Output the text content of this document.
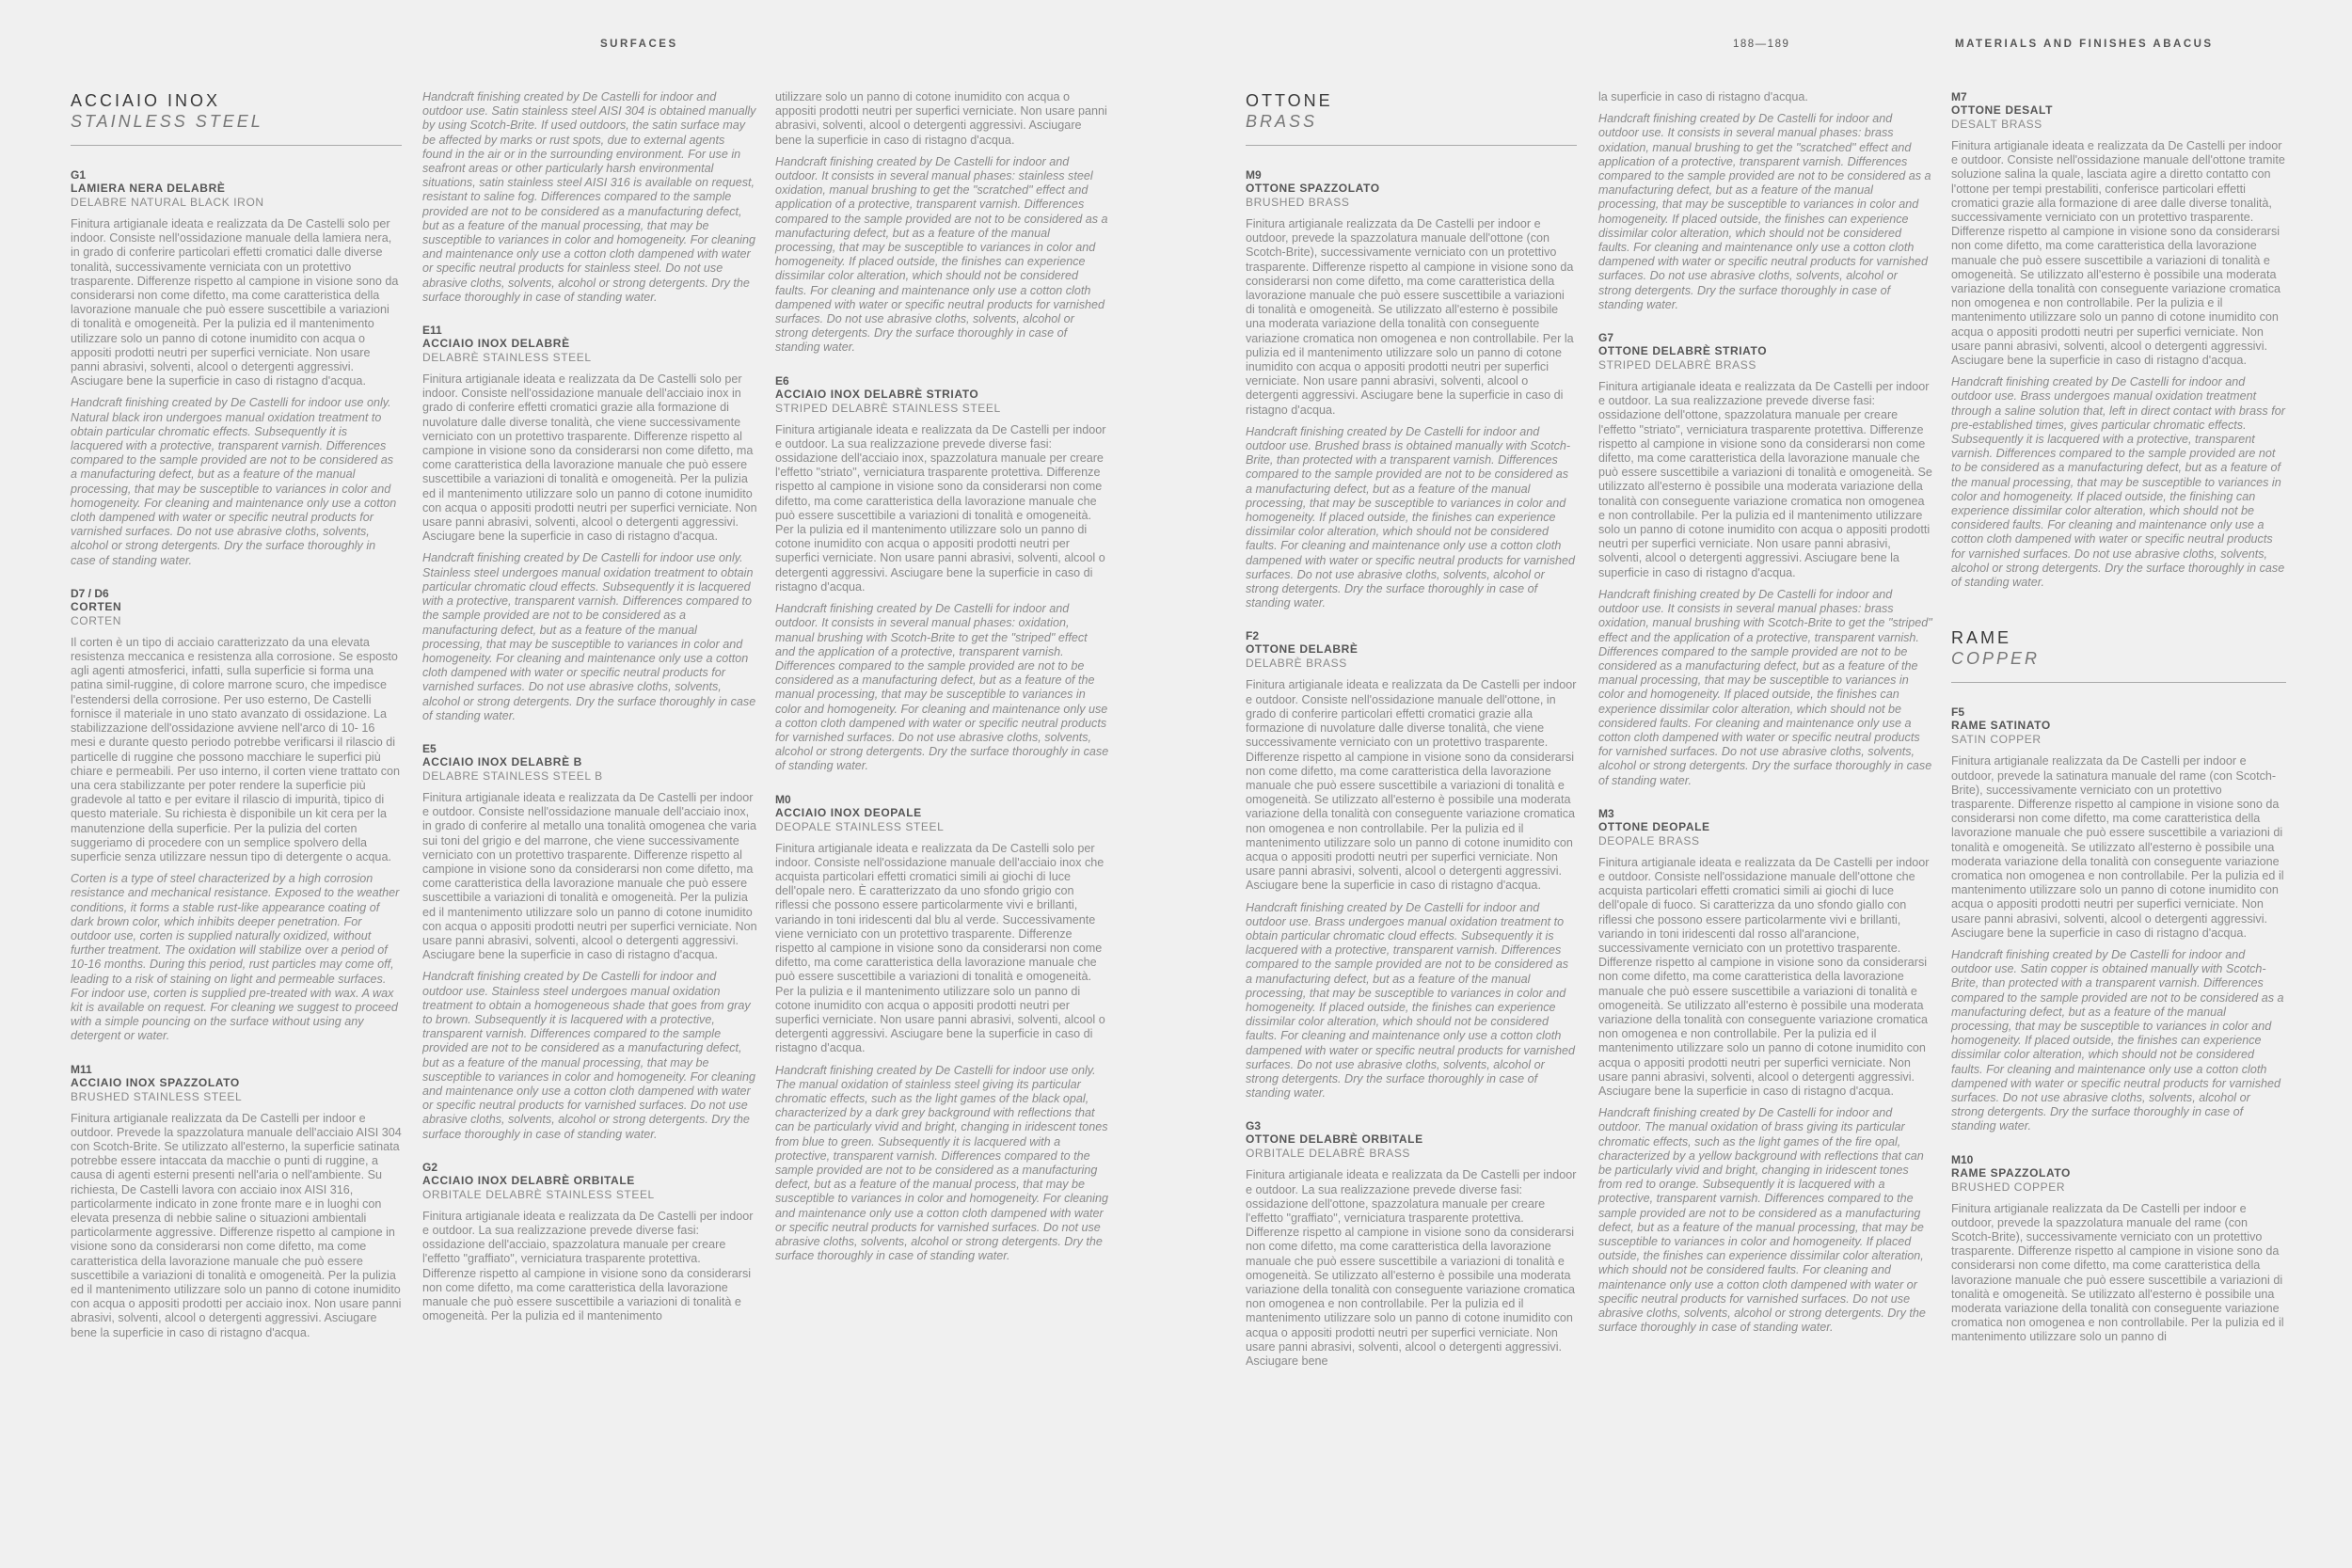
SURFACES	188—189	MATERIALS AND FINISHES ABACUS
ACCIAIO INOX
STAINLESS STEEL
G1
LAMIERA NERA DELABRÈ
DELABRE NATURAL BLACK IRON

Finitura artigianale ideata e realizzata da De Castelli solo per indoor. Consiste nell'ossidazione manuale della lamiera nera, in grado di conferire particolari effetti cromatici dalle diverse tonalità, successivamente verniciata con un protettivo trasparente. Differenze rispetto al campione in visione sono da considerarsi non come difetto, ma come caratteristica della lavorazione manuale che può essere suscettibile a variazioni di tonalità e omogeneità. Per la pulizia ed il mantenimento utilizzare solo un panno di cotone inumidito con acqua o appositi prodotti neutri per superfici verniciate. Non usare panni abrasivi, solventi, alcool o detergenti aggressivi. Asciugare bene la superficie in caso di ristagno d'acqua.

Handcraft finishing created by De Castelli for indoor use only. Natural black iron undergoes manual oxidation treatment to obtain particular chromatic effects. Subsequently it is lacquered with a protective, transparent varnish. Differences compared to the sample provided are not to be considered as a manufacturing defect, but as a feature of the manual processing, that may be susceptible to variances in color and homogeneity. For cleaning and maintenance only use a cotton cloth dampened with water or specific neutral products for varnished surfaces. Do not use abrasive cloths, solvents, alcohol or strong detergents. Dry the surface thoroughly in case of standing water.

D7 / D6
CORTEN
CORTEN

Il corten è un tipo di acciaio caratterizzato da una elevata resistenza meccanica e resistenza alla corrosione. Se esposto agli agenti atmosferici, infatti, sulla superficie si forma una patina simil-ruggine, di colore marrone scuro, che impedisce l'estendersi della corrosione. Per uso esterno, De Castelli fornisce il materiale in uno stato avanzato di ossidazione. La stabilizzazione dell'ossidazione avviene nell'arco di 10- 16 mesi e durante questo periodo potrebbe verificarsi il rilascio di particelle di ruggine che possono macchiare le superfici più chiare e permeabili. Per uso interno, il corten viene trattato con una cera stabilizzante per poter rendere la superficie più gradevole al tatto e per evitare il rilascio di impurità, tipico di questo materiale. Su richiesta è disponibile un kit cera per la manutenzione della superficie. Per la pulizia del corten suggeriamo di procedere con un semplice spolvero della superficie senza utilizzare nessun tipo di detergente o acqua.

Corten is a type of steel characterized by a high corrosion resistance and mechanical resistance. Exposed to the weather conditions, it forms a stable rust-like appearance coating of dark brown color, which inhibits deeper penetration. For outdoor use, corten is supplied naturally oxidized, without further treatment. The oxidation will stabilize over a period of 10-16 months. During this period, rust particles may come off, leading to a risk of staining on light and permeable surfaces. For indoor use, corten is supplied pre-treated with wax. A wax kit is available on request. For cleaning we suggest to proceed with a simple pouncing on the surface without using any detergent or water.

M11
ACCIAIO INOX SPAZZOLATO
BRUSHED STAINLESS STEEL

Finitura artigianale realizzata da De Castelli per indoor e outdoor. Prevede la spazzolatura manuale dell'acciaio AISI 304 con Scotch-Brite. Se utilizzato all'esterno, la superficie satinata potrebbe essere intaccata da macchie o punti di ruggine, a causa di agenti esterni presenti nell'aria o nell'ambiente. Su richiesta, De Castelli lavora con acciaio inox AISI 316, particolarmente indicato in zone fronte mare e in luoghi con elevata presenza di nebbie saline o situazioni ambientali particolarmente aggressive. Differenze rispetto al campione in visione sono da considerarsi non come difetto, ma come caratteristica della lavorazione manuale che può essere suscettibile a variazioni di tonalità e omogeneità. Per la pulizia ed il mantenimento utilizzare solo un panno di cotone inumidito con acqua o appositi prodotti per acciaio inox. Non usare panni abrasivi, solventi, alcool o detergenti aggressivi. Asciugare bene la superficie in caso di ristagno d'acqua.

Handcraft finishing created by De Castelli for indoor and outdoor use. Satin stainless steel AISI 304 is obtained manually by using Scotch-Brite. If used outdoors, the satin surface may be affected by marks or rust spots, due to external agents found in the air or in the surrounding environment. For use in seafront areas or other particularly harsh environmental situations, satin stainless steel AISI 316 is available on request, resistant to saline fog. Differences compared to the sample provided are not to be considered as a manufacturing defect, but as a feature of the manual processing, that may be susceptible to variances in color and homogeneity. For cleaning and maintenance only use a cotton cloth dampened with water or specific neutral products for stainless steel. Do not use abrasive cloths, solvents, alcohol or strong detergents. Dry the surface thoroughly in case of standing water.

E11
ACCIAIO INOX DELABRÈ
DELABRÈ STAINLESS STEEL

Finitura artigianale ideata e realizzata da De Castelli solo per indoor. Consiste nell'ossidazione manuale dell'acciaio inox in grado di conferire effetti cromatici grazie alla formazione di nuvolature dalle diverse tonalità, che viene successivamente verniciato con un protettivo trasparente. Differenze rispetto al campione in visione sono da considerarsi non come difetto, ma come caratteristica della lavorazione manuale che può essere suscettibile a variazioni di tonalità e omogeneità. Per la pulizia ed il mantenimento utilizzare solo un panno di cotone inumidito con acqua o appositi prodotti neutri per superfici verniciate. Non usare panni abrasivi, solventi, alcool o detergenti aggressivi. Asciugare bene la superficie in caso di ristagno d'acqua.

Handcraft finishing created by De Castelli for indoor use only. Stainless steel undergoes manual oxidation treatment to obtain particular chromatic cloud effects. Subsequently it is lacquered with a protective, transparent varnish. Differences compared to the sample provided are not to be considered as a manufacturing defect, but as a feature of the manual processing, that may be susceptible to variances in color and homogeneity. For cleaning and maintenance only use a cotton cloth dampened with water or specific neutral products for varnished surfaces. Do not use abrasive cloths, solvents, alcohol or strong detergents. Dry the surface thoroughly in case of standing water.

E5
ACCIAIO INOX DELABRÈ B
DELABRE STAINLESS STEEL B

Finitura artigianale ideata e realizzata da De Castelli per indoor e outdoor. Consiste nell'ossidazione manuale dell'acciaio inox, in grado di conferire al metallo una tonalità omogenea che varia sui toni del grigio e del marrone, che viene successivamente verniciato con un protettivo trasparente. Differenze rispetto al campione in visione sono da considerarsi non come difetto, ma come caratteristica della lavorazione manuale che può essere suscettibile a variazioni di tonalità e omogeneità. Per la pulizia ed il mantenimento utilizzare solo un panno di cotone inumidito con acqua o appositi prodotti neutri per superfici verniciate. Non usare panni abrasivi, solventi, alcool o detergenti aggressivi. Asciugare bene la superficie in caso di ristagno d'acqua.

Handcraft finishing created by De Castelli for indoor and outdoor use. Stainless steel undergoes manual oxidation treatment to obtain a homogeneous shade that goes from gray to brown. Subsequently it is lacquered with a protective, transparent varnish. Differences compared to the sample provided are not to be considered as a manufacturing defect, but as a feature of the manual processing, that may be susceptible to variances in color and homogeneity. For cleaning and maintenance only use a cotton cloth dampened with water or specific neutral products for varnished surfaces. Do not use abrasive cloths, solvents, alcohol or strong detergents. Dry the surface thoroughly in case of standing water.

G2
ACCIAIO INOX DELABRÈ ORBITALE
ORBITALE DELABRÈ STAINLESS STEEL

Finitura artigianale ideata e realizzata da De Castelli per indoor e outdoor. La sua realizzazione prevede diverse fasi: ossidazione dell'acciaio, spazzolatura manuale per creare l'effetto "graffiato", verniciatura trasparente protettiva. Differenze rispetto al campione in visione sono da considerarsi non come difetto, ma come caratteristica della lavorazione manuale che può essere suscettibile a variazioni di tonalità e omogeneità. Per la pulizia ed il mantenimento

utilizzare solo un panno di cotone inumidito con acqua o appositi prodotti neutri per superfici verniciate. Non usare panni abrasivi, solventi, alcool o detergenti aggressivi. Asciugare bene la superficie in caso di ristagno d'acqua.

Handcraft finishing created by De Castelli for indoor and outdoor. It consists in several manual phases: stainless steel oxidation, manual brushing to get the "scratched" effect and application of a protective, transparent varnish. Differences compared to the sample provided are not to be considered as a manufacturing defect, but as a feature of the manual processing, that may be susceptible to variances in color and homogeneity. If placed outside, the finishes can experience dissimilar color alteration, which should not be considered faults. For cleaning and maintenance only use a cotton cloth dampened with water or specific neutral products for varnished surfaces. Do not use abrasive cloths, solvents, alcohol or strong detergents. Dry the surface thoroughly in case of standing water.

E6
ACCIAIO INOX DELABRÈ STRIATO
STRIPED DELABRÈ STAINLESS STEEL

Finitura artigianale ideata e realizzata da De Castelli per indoor e outdoor. La sua realizzazione prevede diverse fasi: ossidazione dell'acciaio inox, spazzolatura manuale per creare l'effetto "striato", verniciatura trasparente protettiva. Differenze rispetto al campione in visione sono da considerarsi non come difetto, ma come caratteristica della lavorazione manuale che può essere suscettibile a variazioni di tonalità e omogeneità. Per la pulizia ed il mantenimento utilizzare solo un panno di cotone inumidito con acqua o appositi prodotti neutri per superfici verniciate. Non usare panni abrasivi, solventi, alcool o detergenti aggressivi. Asciugare bene la superficie in caso di ristagno d'acqua.

Handcraft finishing created by De Castelli for indoor and outdoor. It consists in several manual phases: oxidation, manual brushing with Scotch-Brite to get the "striped" effect and the application of a protective, transparent varnish. Differences compared to the sample provided are not to be considered as a manufacturing defect, but as a feature of the manual processing, that may be susceptible to variances in color and homogeneity. For cleaning and maintenance only use a cotton cloth dampened with water or specific neutral products for varnished surfaces. Do not use abrasive cloths, solvents, alcohol or strong detergents. Dry the surface thoroughly in case of standing water.

M0
ACCIAIO INOX DEOPALE
DEOPALE STAINLESS STEEL

Finitura artigianale ideata e realizzata da De Castelli solo per indoor. Consiste nell'ossidazione manuale dell'acciaio inox che acquista particolari effetti cromatici simili ai giochi di luce dell'opale nero. È caratterizzato da uno sfondo grigio con riflessi che possono essere particolarmente vivi e brillanti, variando in toni iridescenti dal blu al verde. Successivamente viene verniciato con un protettivo trasparente. Differenze rispetto al campione in visione sono da considerarsi non come difetto, ma come caratteristica della lavorazione manuale che può essere suscettibile a variazioni di tonalità e omogeneità. Per la pulizia e il mantenimento utilizzare solo un panno di cotone inumidito con acqua o appositi prodotti neutri per superfici verniciate. Non usare panni abrasivi, solventi, alcool o detergenti aggressivi. Asciugare bene la superficie in caso di ristagno d'acqua.

Handcraft finishing created by De Castelli for indoor use only. The manual oxidation of stainless steel giving its particular chromatic effects, such as the light games of the black opal, characterized by a dark grey background with reflections that can be particularly vivid and bright, changing in iridescent tones from blue to green. Subsequently it is lacquered with a protective, transparent varnish. Differences compared to the sample provided are not to be considered as a manufacturing defect, but as a feature of the manual process, that may be susceptible to variances in color and homogeneity. For cleaning and maintenance only use a cotton cloth dampened with water or specific neutral products for varnished surfaces. Do not use abrasive cloths, solvents, alcohol or strong detergents. Dry the surface thoroughly in case of standing water.

OTTONE
BRASS
M9
OTTONE SPAZZOLATO
BRUSHED BRASS

Finitura artigianale realizzata da De Castelli per indoor e outdoor, prevede la spazzolatura manuale dell'ottone (con Scotch-Brite), successivamente verniciato con un protettivo trasparente. Differenze rispetto al campione in visione sono da considerarsi non come difetto, ma come caratteristica della lavorazione manuale che può essere suscettibile a variazioni di tonalità e omogeneità. Se utilizzato all'esterno è possibile una moderata variazione della tonalità con conseguente variazione cromatica non omogenea e non controllabile. Per la pulizia ed il mantenimento utilizzare solo un panno di cotone inumidito con acqua o appositi prodotti neutri per superfici verniciate. Non usare panni abrasivi, solventi, alcool o detergenti aggressivi. Asciugare bene la superficie in caso di ristagno d'acqua.

Handcraft finishing created by De Castelli for indoor and outdoor use. Brushed brass is obtained manually with Scotch-Brite, than protected with a transparent varnish. Differences compared to the sample provided are not to be considered as a manufacturing defect, but as a feature of the manual processing, that may be susceptible to variances in color and homogeneity. If placed outside, the finishes can experience dissimilar color alteration, which should not be considered faults. For cleaning and maintenance only use a cotton cloth dampened with water or specific neutral products for varnished surfaces. Do not use abrasive cloths, solvents, alcohol or strong detergents. Dry the surface thoroughly in case of standing water.

F2
OTTONE DELABRÈ
DELABRÈ BRASS

Finitura artigianale ideata e realizzata da De Castelli per indoor e outdoor. Consiste nell'ossidazione manuale dell'ottone, in grado di conferire particolari effetti cromatici grazie alla formazione di nuvolature dalle diverse tonalità, che viene successivamente verniciato con un protettivo trasparente. Differenze rispetto al campione in visione sono da considerarsi non come difetto, ma come caratteristica della lavorazione manuale che può essere suscettibile a variazioni di tonalità e omogeneità. Se utilizzato all'esterno è possibile una moderata variazione della tonalità con conseguente variazione cromatica non omogenea e non controllabile. Per la pulizia ed il mantenimento utilizzare solo un panno di cotone inumidito con acqua o appositi prodotti neutri per superfici verniciate. Non usare panni abrasivi, solventi, alcool o detergenti aggressivi. Asciugare bene la superficie in caso di ristagno d'acqua.

Handcraft finishing created by De Castelli for indoor and outdoor use. Brass undergoes manual oxidation treatment to obtain particular chromatic cloud effects. Subsequently it is lacquered with a protective, transparent varnish. Differences compared to the sample provided are not to be considered as a manufacturing defect, but as a feature of the manual processing, that may be susceptible to variances in color and homogeneity. If placed outside, the finishes can experience dissimilar color alteration, which should not be considered faults. For cleaning and maintenance only use a cotton cloth dampened with water or specific neutral products for varnished surfaces. Do not use abrasive cloths, solvents, alcohol or strong detergents. Dry the surface thoroughly in case of standing water.

G3
OTTONE DELABRÈ ORBITALE
ORBITALE DELABRÈ BRASS

Finitura artigianale ideata e realizzata da De Castelli per indoor e outdoor. La sua realizzazione prevede diverse fasi: ossidazione dell'ottone, spazzolatura manuale per creare l'effetto "graffiato", verniciatura trasparente protettiva. Differenze rispetto al campione in visione sono da considerarsi non come difetto, ma come caratteristica della lavorazione manuale che può essere suscettibile a variazioni di tonalità e omogeneità. Se utilizzato all'esterno è possibile una moderata variazione della tonalità con conseguente variazione cromatica non omogenea e non controllabile. Per la pulizia ed il mantenimento utilizzare solo un panno di cotone inumidito con acqua o appositi prodotti neutri per superfici verniciate. Non usare panni abrasivi, solventi, alcool o detergenti aggressivi. Asciugare bene

la superficie in caso di ristagno d'acqua.

Handcraft finishing created by De Castelli for indoor and outdoor use. It consists in several manual phases: brass oxidation, manual brushing to get the "scratched" effect and application of a protective, transparent varnish. Differences compared to the sample provided are not to be considered as a manufacturing defect, but as a feature of the manual processing, that may be susceptible to variances in color and homogeneity. If placed outside, the finishes can experience dissimilar color alteration, which should not be considered faults. For cleaning and maintenance only use a cotton cloth dampened with water or specific neutral products for varnished surfaces. Do not use abrasive cloths, solvents, alcohol or strong detergents. Dry the surface thoroughly in case of standing water.

G7
OTTONE DELABRÈ STRIATO
STRIPED DELABRÈ BRASS

Finitura artigianale ideata e realizzata da De Castelli per indoor e outdoor. La sua realizzazione prevede diverse fasi: ossidazione dell'ottone, spazzolatura manuale per creare l'effetto "striato", verniciatura trasparente protettiva. Differenze rispetto al campione in visione sono da considerarsi non come difetto, ma come caratteristica della lavorazione manuale che può essere suscettibile a variazioni di tonalità e omogeneità. Se utilizzato all'esterno è possibile una moderata variazione della tonalità con conseguente variazione cromatica non omogenea e non controllabile. Per la pulizia ed il mantenimento utilizzare solo un panno di cotone inumidito con acqua o appositi prodotti neutri per superfici verniciate. Non usare panni abrasivi, solventi, alcool o detergenti aggressivi. Asciugare bene la superficie in caso di ristagno d'acqua.

Handcraft finishing created by De Castelli for indoor and outdoor use. It consists in several manual phases: brass oxidation, manual brushing with Scotch-Brite to get the "striped" effect and the application of a protective, transparent varnish. Differences compared to the sample provided are not to be considered as a manufacturing defect, but as a feature of the manual processing, that may be susceptible to variances in color and homogeneity. If placed outside, the finishes can experience dissimilar color alteration, which should not be considered faults. For cleaning and maintenance only use a cotton cloth dampened with water or specific neutral products for varnished surfaces. Do not use abrasive cloths, solvents, alcohol or strong detergents. Dry the surface thoroughly in case of standing water.

M3
OTTONE DEOPALE
DEOPALE BRASS

Finitura artigianale ideata e realizzata da De Castelli per indoor e outdoor. Consiste nell'ossidazione manuale dell'ottone che acquista particolari effetti cromatici simili ai giochi di luce dell'opale di fuoco. Si caratterizza da uno sfondo giallo con riflessi che possono essere particolarmente vivi e brillanti, variando in toni iridescenti dal rosso all'arancione, successivamente verniciato con un protettivo trasparente. Differenze rispetto al campione in visione sono da considerarsi non come difetto, ma come caratteristica della lavorazione manuale che può essere suscettibile a variazioni di tonalità e omogeneità. Se utilizzato all'esterno è possibile una moderata variazione della tonalità con conseguente variazione cromatica non omogenea e non controllabile. Per la pulizia ed il mantenimento utilizzare solo un panno di cotone inumidito con acqua o appositi prodotti neutri per superfici verniciate. Non usare panni abrasivi, solventi, alcool o detergenti aggressivi. Asciugare bene la superficie in caso di ristagno d'acqua.

Handcraft finishing created by De Castelli for indoor and outdoor. The manual oxidation of brass giving its particular chromatic effects, such as the light games of the fire opal, characterized by a yellow background with reflections that can be particularly vivid and bright, changing in iridescent tones from red to orange. Subsequently it is lacquered with a protective, transparent varnish. Differences compared to the sample provided are not to be considered as a manufacturing defect, but as a feature of the manual processing, that may be susceptible to variances in color and homogeneity. If placed outside, the finishes can experience dissimilar color alteration, which should not be considered faults. For cleaning and maintenance only use a cotton cloth dampened with water or specific neutral products for varnished surfaces. Do not use abrasive cloths, solvents, alcohol or strong detergents. Dry the surface thoroughly in case of standing water.

M7
OTTONE DESALT
DESALT BRASS

Finitura artigianale ideata e realizzata da De Castelli per indoor e outdoor. Consiste nell'ossidazione manuale dell'ottone tramite soluzione salina la quale, lasciata agire a diretto contatto con l'ottone per tempi prestabiliti, conferisce particolari effetti cromatici grazie alla formazione di aree dalle diverse tonalità, successivamente verniciato con un protettivo trasparente. Differenze rispetto al campione in visione sono da considerarsi non come difetto, ma come caratteristica della lavorazione manuale che può essere suscettibile a variazioni di tonalità e omogeneità. Se utilizzato all'esterno è possibile una moderata variazione della tonalità con conseguente variazione cromatica non omogenea e non controllabile. Per la pulizia e il mantenimento utilizzare solo un panno di cotone inumidito con acqua o appositi prodotti neutri per superfici verniciate. Non usare panni abrasivi, solventi, alcool o detergenti aggressivi. Asciugare bene la superficie in caso di ristagno d'acqua.

Handcraft finishing created by De Castelli for indoor and outdoor use. Brass undergoes manual oxidation treatment through a saline solution that, left in direct contact with brass for pre-established times, gives particular chromatic effects. Subsequently it is lacquered with a protective, transparent varnish. Differences compared to the sample provided are not to be considered as a manufacturing defect, but as a feature of the manual processing, that may be susceptible to variances in color and homogeneity. If placed outside, the finishing can experience dissimilar color alteration, which should not be considered faults. For cleaning and maintenance only use a cotton cloth dampened with water or specific neutral products for varnished surfaces. Do not use abrasive cloths, solvents, alcohol or strong detergents. Dry the surface thoroughly in case of standing water.

RAME
COPPER
F5
RAME SATINATO
SATIN COPPER

Finitura artigianale realizzata da De Castelli per indoor e outdoor, prevede la satinatura manuale del rame (con Scotch-Brite), successivamente verniciato con un protettivo trasparente. Differenze rispetto al campione in visione sono da considerarsi non come difetto, ma come caratteristica della lavorazione manuale che può essere suscettibile a variazioni di tonalità e omogeneità. Se utilizzato all'esterno è possibile una moderata variazione della tonalità con conseguente variazione cromatica non omogenea e non controllabile. Per la pulizia ed il mantenimento utilizzare solo un panno di cotone inumidito con acqua o appositi prodotti neutri per superfici verniciate. Non usare panni abrasivi, solventi, alcool o detergenti aggressivi. Asciugare bene la superficie in caso di ristagno d'acqua.

Handcraft finishing created by De Castelli for indoor and outdoor use. Satin copper is obtained manually with Scotch-Brite, than protected with a transparent varnish. Differences compared to the sample provided are not to be considered as a manufacturing defect, but as a feature of the manual processing, that may be susceptible to variances in color and homogeneity. If placed outside, the finishes can experience dissimilar color alteration, which should not be considered faults. For cleaning and maintenance only use a cotton cloth dampened with water or specific neutral products for varnished surfaces. Do not use abrasive cloths, solvents, alcohol or strong detergents. Dry the surface thoroughly in case of standing water.

M10
RAME SPAZZOLATO
BRUSHED COPPER

Finitura artigianale realizzata da De Castelli per indoor e outdoor, prevede la spazzolatura manuale del rame (con Scotch-Brite), successivamente verniciato con un protettivo trasparente. Differenze rispetto al campione in visione sono da considerarsi non come difetto, ma come caratteristica della lavorazione manuale che può essere suscettibile a variazioni di tonalità e omogeneità. Se utilizzato all'esterno è possibile una moderata variazione della tonalità con conseguente variazione cromatica non omogenea e non controllabile. Per la pulizia ed il mantenimento utilizzare solo un panno di
